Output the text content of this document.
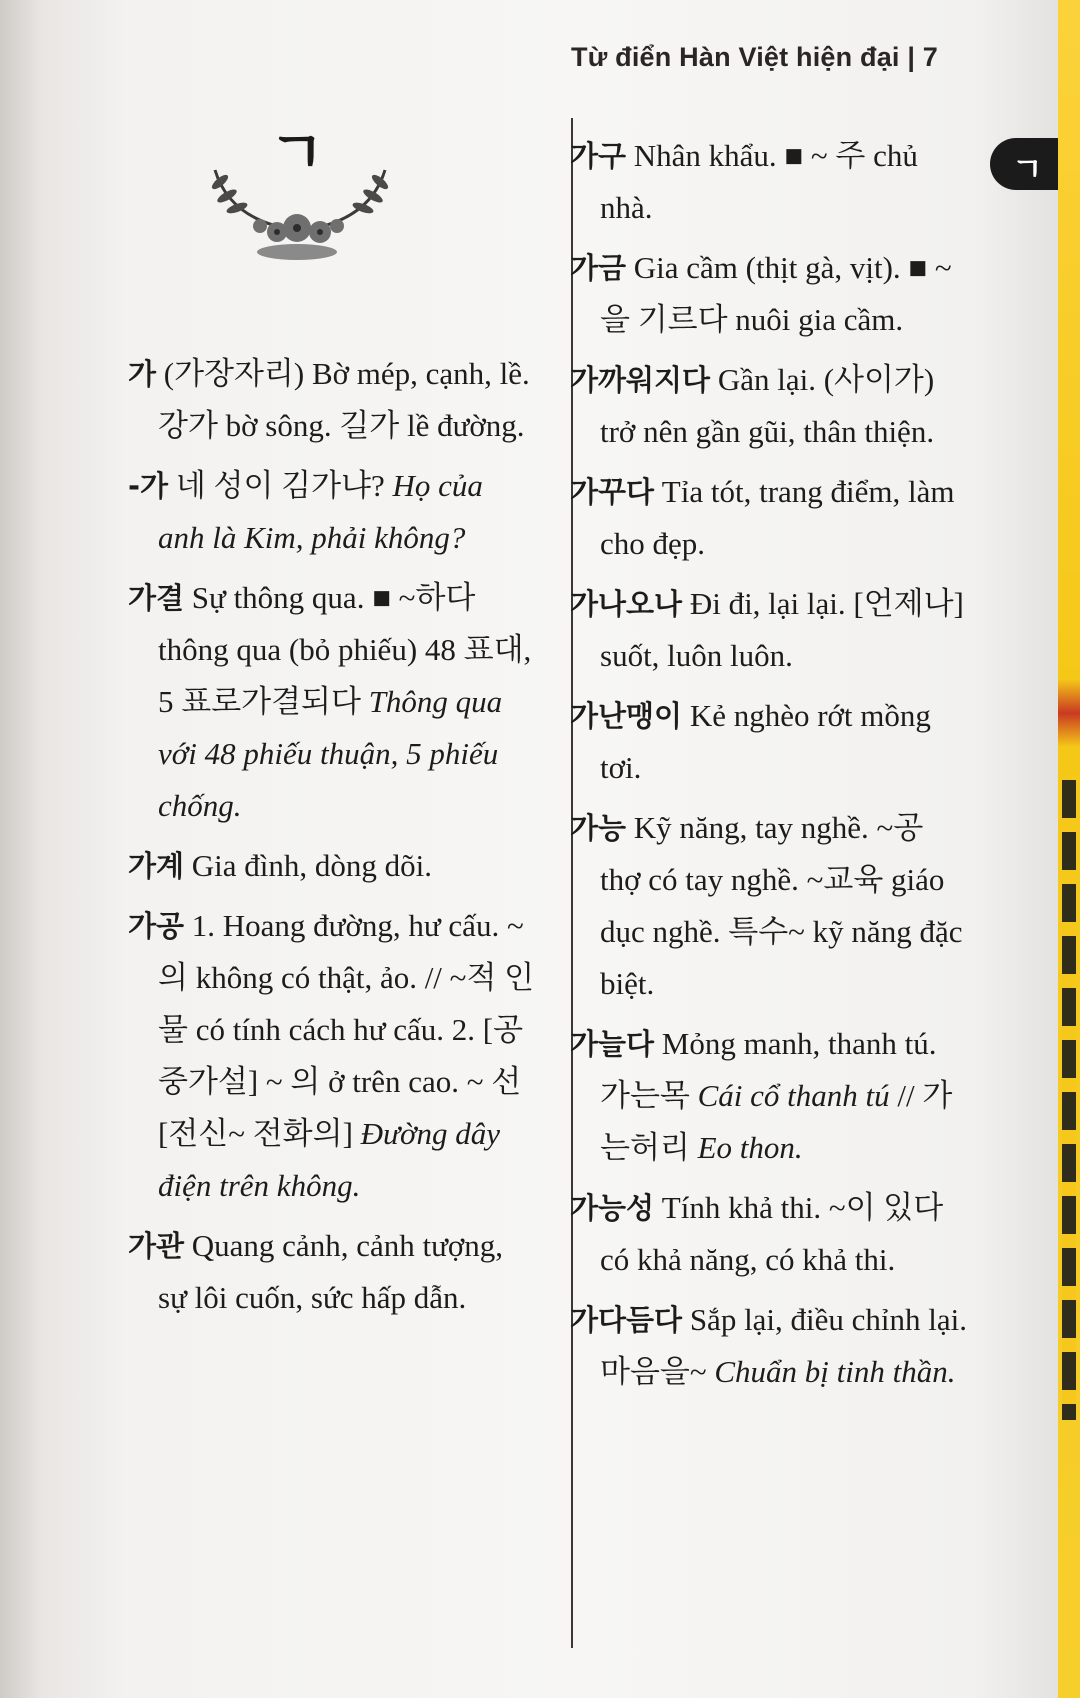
Từ điển Hàn Việt hiện đại | 7
ㄱ

가 (가장자리) Bờ mép, cạnh, lề. 강가 bờ sông. 길가 lề đường.

-가 네 성이 김가냐? Họ của anh là Kim, phải không?

가결 Sự thông qua. ■ ~하다 thông qua (bỏ phiếu) 48 표대, 5 표로가결되다 Thông qua với 48 phiếu thuận, 5 phiếu chống.

가계 Gia đình, dòng dõi.

가공 1. Hoang đường, hư cấu. ~ 의 không có thật, ảo. // ~적 인물 có tính cách hư cấu. 2. [공중가설] ~ 의 ở trên cao. ~ 선[전신~ 전화의] Đường dây điện trên không.

가관 Quang cảnh, cảnh tượng, sự lôi cuốn, sức hấp dẫn.

가구 Nhân khẩu. ■ ~ 주 chủ nhà.

가금 Gia cầm (thịt gà, vịt). ■ ~을 기르다 nuôi gia cầm.

가까워지다 Gần lại. (사이가) trở nên gần gũi, thân thiện.

가꾸다 Tỉa tót, trang điểm, làm cho đẹp.

가나오나 Đi đi, lại lại. [언제나] suốt, luôn luôn.

가난맹이 Kẻ nghèo rớt mồng tơi.

가능 Kỹ năng, tay nghề. ~공 thợ có tay nghề. ~교육 giáo dục nghề. 특수~ kỹ năng đặc biệt.

가늘다 Mỏng manh, thanh tú. 가는목 Cái cổ thanh tú // 가는허리 Eo thon.

가능성 Tính khả thi. ~이 있다 có khả năng, có khả thi.

가다듬다 Sắp lại, điều chỉnh lại. 마음을~ Chuẩn bị tinh thần.

ㄱ
